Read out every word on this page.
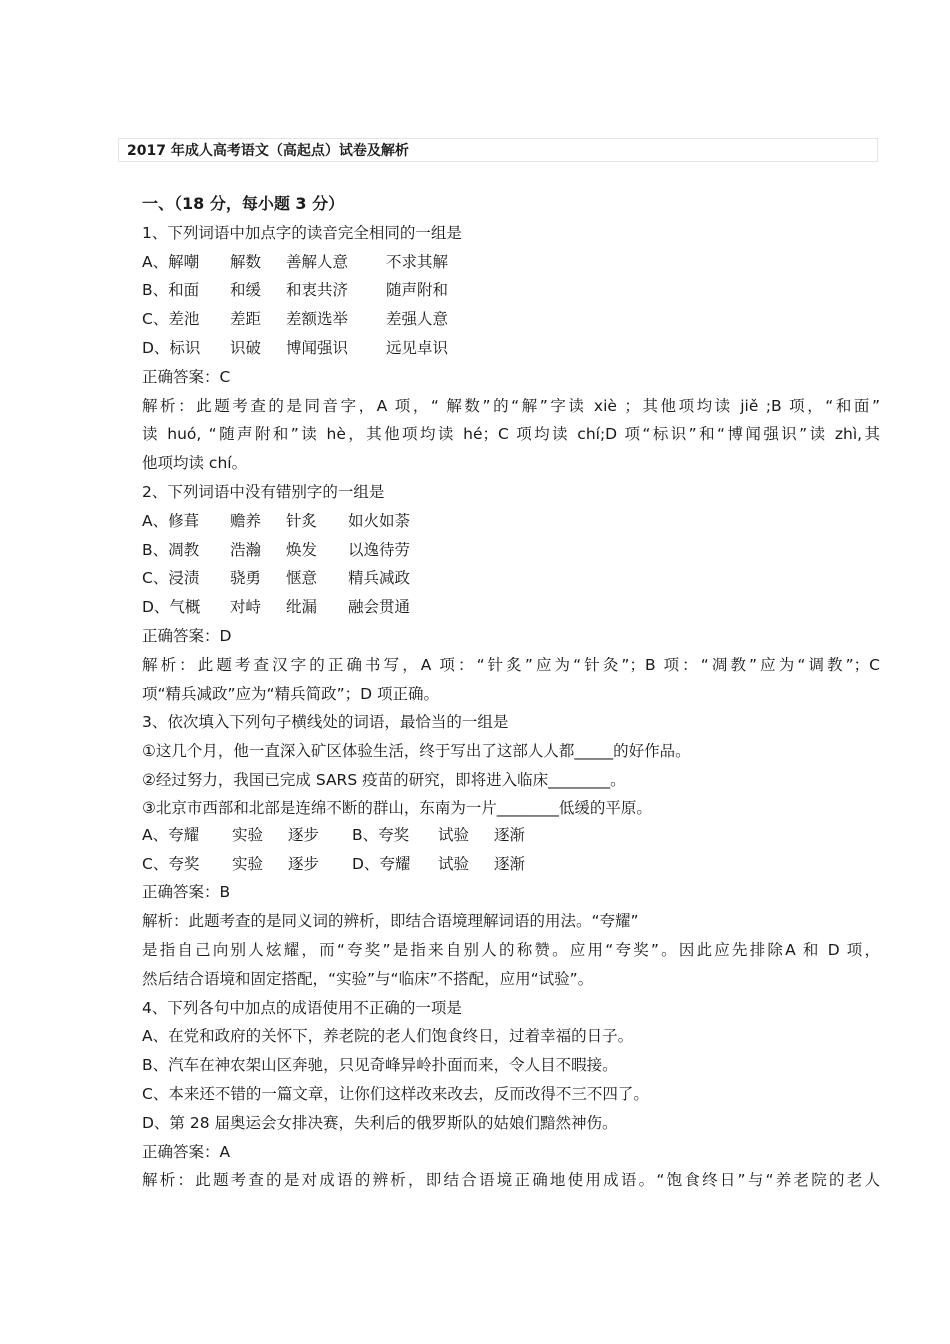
2017 年成人高考语文（高起点）试卷及解析
一、（18 分，每小题 3 分）
1、下列词语中加点字的读音完全相同的一组是
A、解嘲	解数	善解人意	不求其解
B、和面	和缓	和衷共济	随声附和
C、差池	差距	差额选举	差强人意
D、标识	识破	博闻强识	远见卓识
正确答案：C
解析：此题考查的是同音字，A 项，“ 解数”的“解”字读 xiè ；其他项均读 jiě ;B 项，“和面”
读 huó, “随声附和”读 hè，其他项均读 hé；C 项均读 chí;D 项“标识”和“博闻强识”读 zhì,其
他项均读 chí。
2、下列词语中没有错别字的一组是
A、修葺	赡养	针炙	如火如荼
B、凋教	浩瀚	焕发	以逸待劳
C、浸渍	骁勇	惬意	精兵减政
D、气概	对峙	纰漏	融会贯通
正确答案：D
解析：此题考查汉字的正确书写，A 项：“针炙”应为“针灸”；B 项：“凋教”应为“调教”；C
项“精兵减政”应为“精兵简政”；D 项正确。
3、依次填入下列句子横线处的词语，最恰当的一组是
①这几个月，他一直深入矿区体验生活，终于写出了这部人人都_____的好作品。
②经过努力，我国已完成 SARS 疫苗的研究，即将进入临床________。
③北京市西部和北部是连绵不断的群山，东南为一片________低缓的平原。
A、夸耀	实验	逐步	B、夸奖	试验	逐渐
C、夸奖	实验	逐步	D、夸耀	试验	逐渐
正确答案：B
解析：此题考查的是同义词的辨析，即结合语境理解词语的用法。“夸耀”
是指自己向别人炫耀，而“夸奖”是指来自别人的称赞。应用“夸奖”。因此应先排除A 和 D 项，
然后结合语境和固定搭配，“实验”与“临床”不搭配，应用“试验”。
4、下列各句中加点的成语使用不正确的一项是
A、在党和政府的关怀下，养老院的老人们饱食终日，过着幸福的日子。
B、汽车在神农架山区奔驰，只见奇峰异岭扑面而来，令人目不暇接。
C、本来还不错的一篇文章，让你们这样改来改去，反而改得不三不四了。
D、第 28 届奥运会女排决赛，失利后的俄罗斯队的姑娘们黯然神伤。
正确答案：A
解析：此题考查的是对成语的辨析，即结合语境正确地使用成语。“饱食终日”与“养老院的老人
